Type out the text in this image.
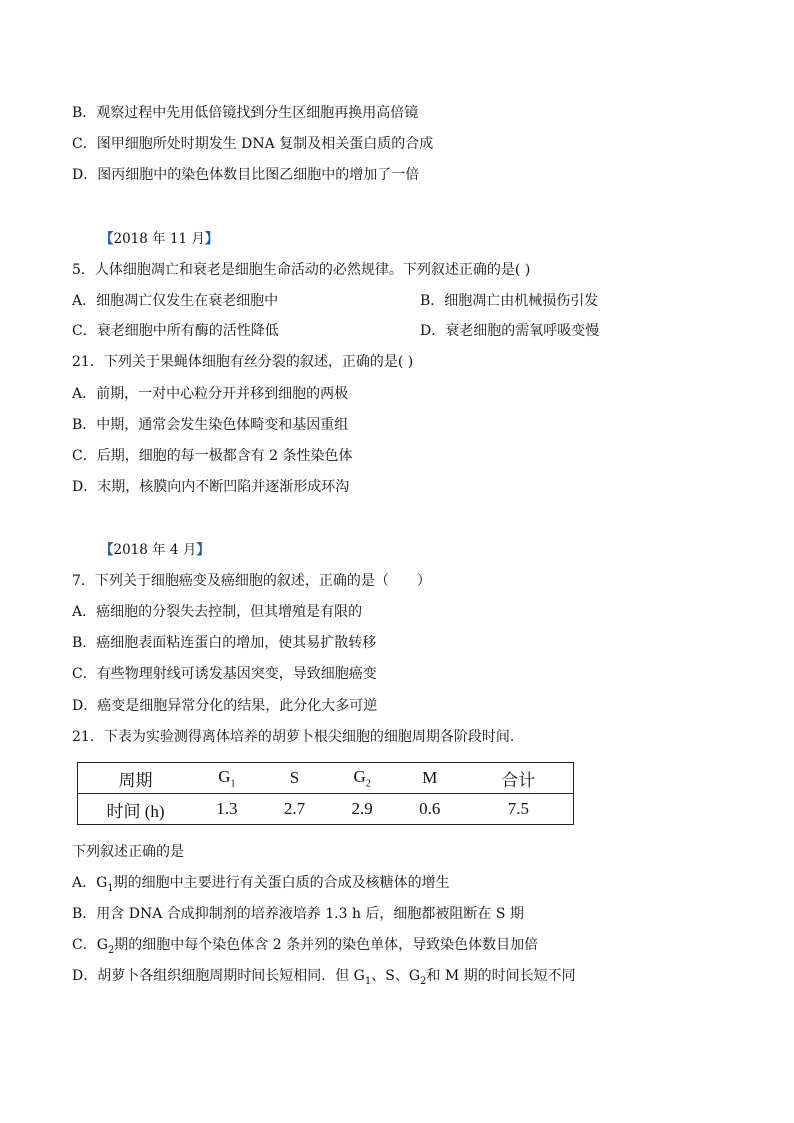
B．观察过程中先用低倍镜找到分生区细胞再换用高倍镜
C．图甲细胞所处时期发生 DNA 复制及相关蛋白质的合成
D．图丙细胞中的染色体数目比图乙细胞中的增加了一倍
【2018 年 11 月】
5．人体细胞凋亡和衰老是细胞生命活动的必然规律。下列叙述正确的是( )
A．细胞凋亡仅发生在衰老细胞中	B．细胞凋亡由机械损伤引发
C．衰老细胞中所有酶的活性降低	D．衰老细胞的需氧呼吸变慢
21．下列关于果蝇体细胞有丝分裂的叙述，正确的是( )
A．前期，一对中心粒分开并移到细胞的两极
B．中期，通常会发生染色体畸变和基因重组
C．后期，细胞的每一极都含有 2 条性染色体
D．末期，核膜向内不断凹陷并逐渐形成环沟
【2018 年 4 月】
7．下列关于细胞癌变及癌细胞的叙述，正确的是（　　）
A．癌细胞的分裂失去控制，但其增殖是有限的
B．癌细胞表面粘连蛋白的增加，使其易扩散转移
C．有些物理射线可诱发基因突变，导致细胞癌变
D．癌变是细胞异常分化的结果，此分化大多可逆
21．下表为实验测得离体培养的胡萝卜根尖细胞的细胞周期各阶段时间．
周期	$G_1$	S	$G_2$	M	合计
时间 (h)	1.3	2.7	2.9	0.6	7.5
下列叙述正确的是
A．$G_1$期的细胞中主要进行有关蛋白质的合成及核糖体的增生
B．用含 DNA 合成抑制剂的培养液培养 1.3 h 后，细胞都被阻断在 S 期
C．$G_2$期的细胞中每个染色体含 2 条并列的染色单体，导致染色体数目加倍
D．胡萝卜各组织细胞周期时间长短相同．但 $G_1$、S、$G_2$和 M 期的时间长短不同
